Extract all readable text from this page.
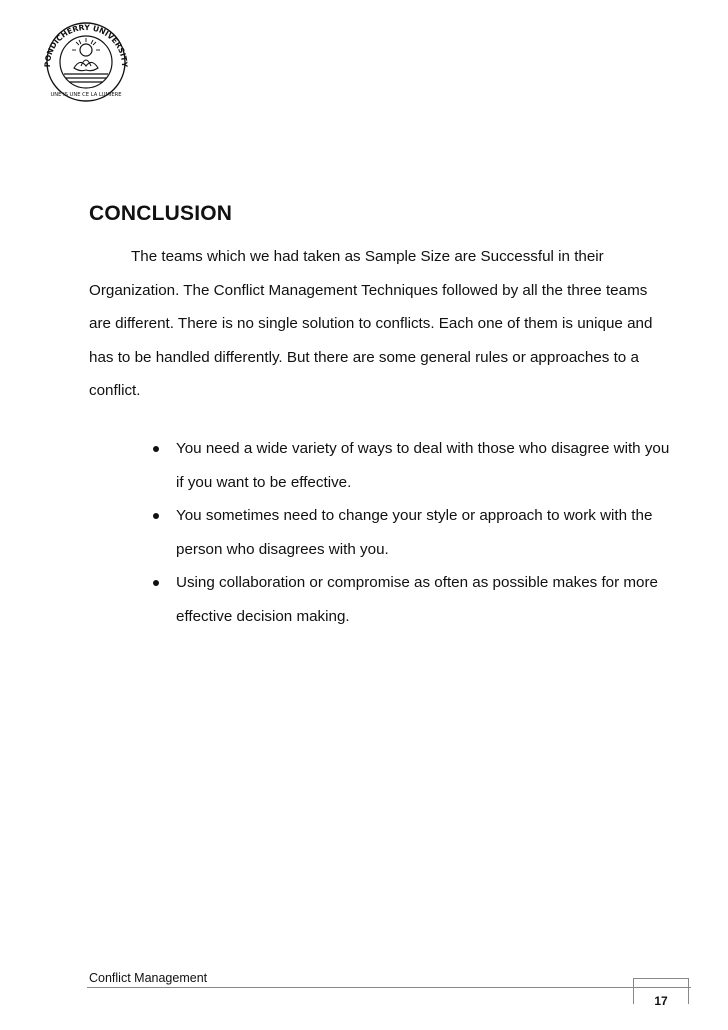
PONDICHERRY UNIVERSITY
UNE IS UNE CE LA LUMIERE
CONCLUSION

The teams which we had taken as Sample Size are Successful in their Organization. The Conflict Management Techniques followed by all the three teams are different. There is no single solution to conflicts. Each one of them is unique and has to be handled differently. But there are some general rules or approaches to a conflict.

You need a wide variety of ways to deal with those who disagree with you if you want to be effective.
You sometimes need to change your style or approach to work with the person who disagrees with you.
Using collaboration or compromise as often as possible makes for more effective decision making.
Conflict Management
17
